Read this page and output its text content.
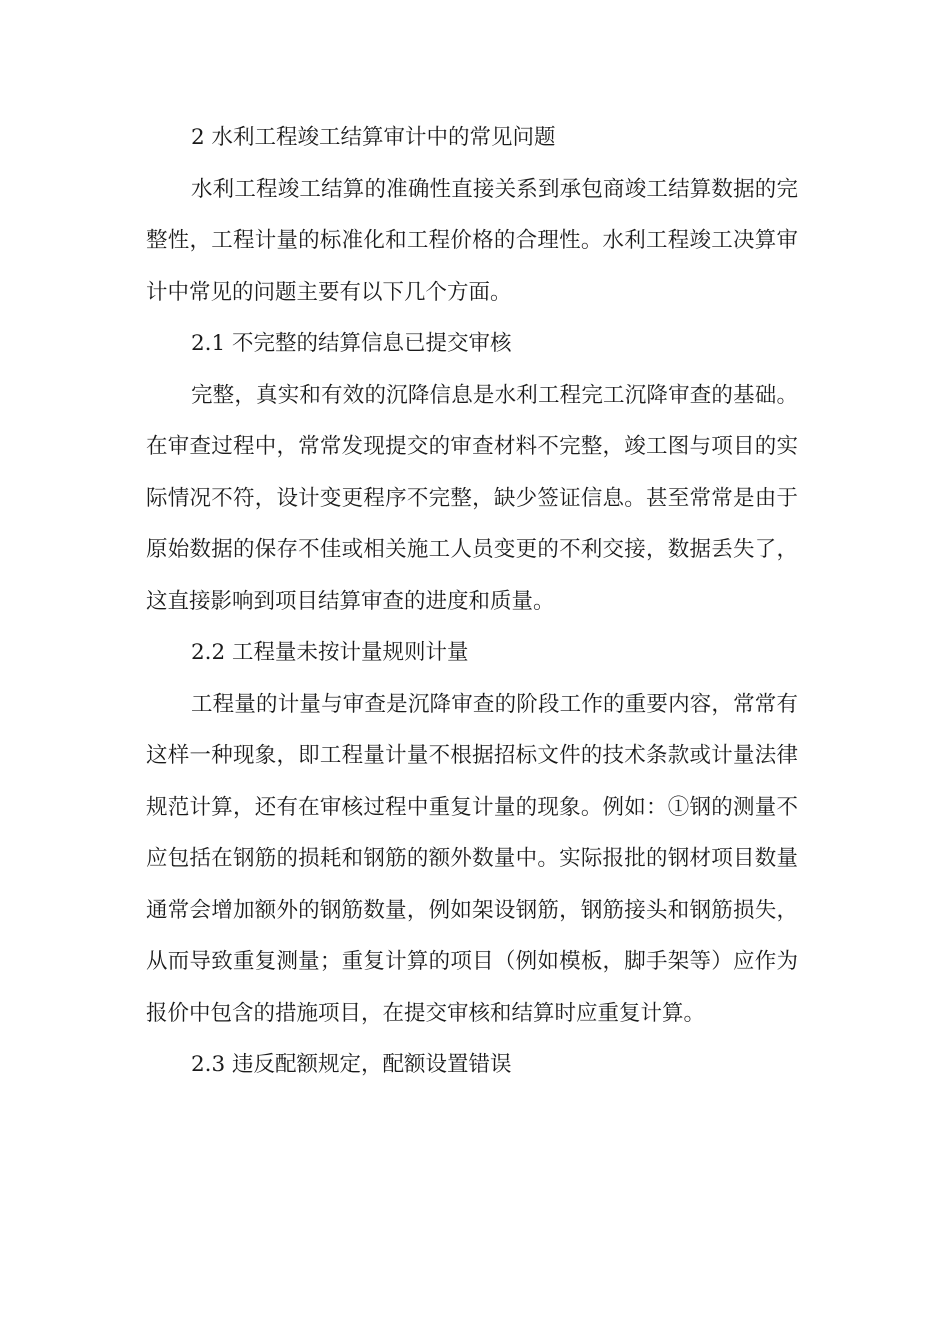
2 水利工程竣工结算审计中的常见问题

水利工程竣工结算的准确性直接关系到承包商竣工结算数据的完整性，工程计量的标准化和工程价格的合理性。水利工程竣工决算审计中常见的问题主要有以下几个方面。

2.1 不完整的结算信息已提交审核

完整，真实和有效的沉降信息是水利工程完工沉降审查的基础。在审查过程中，常常发现提交的审查材料不完整，竣工图与项目的实际情况不符，设计变更程序不完整，缺少签证信息。甚至常常是由于原始数据的保存不佳或相关施工人员变更的不利交接，数据丢失了，这直接影响到项目结算审查的进度和质量。

2.2 工程量未按计量规则计量

工程量的计量与审查是沉降审查的阶段工作的重要内容，常常有这样一种现象，即工程量计量不根据招标文件的技术条款或计量法律规范计算，还有在审核过程中重复计量的现象。例如：①钢的测量不应包括在钢筋的损耗和钢筋的额外数量中。实际报批的钢材项目数量通常会增加额外的钢筋数量，例如架设钢筋，钢筋接头和钢筋损失，从而导致重复测量；重复计算的项目（例如模板，脚手架等）应作为报价中包含的措施项目，在提交审核和结算时应重复计算。

2.3 违反配额规定，配额设置错误
